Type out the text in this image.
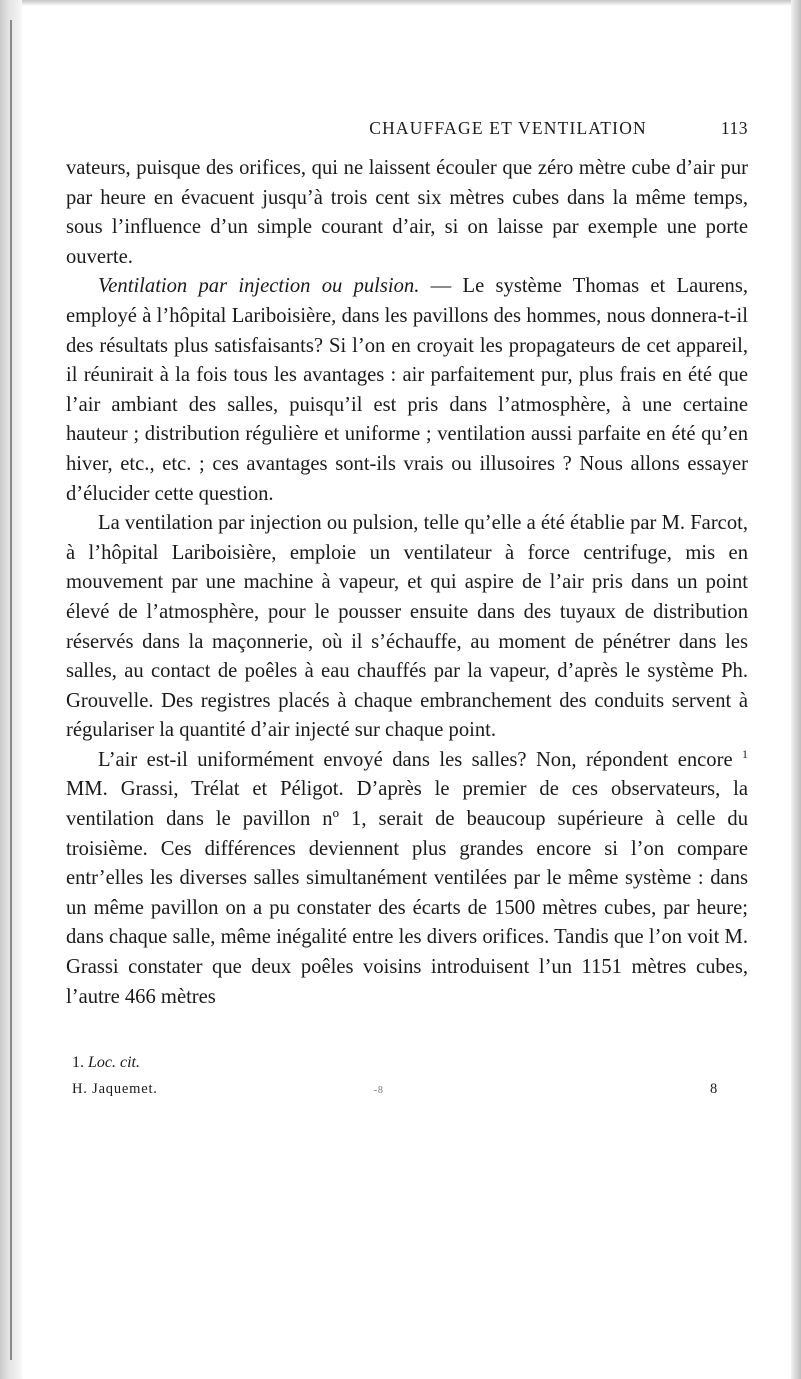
CHAUFFAGE ET VENTILATION	113

vateurs, puisque des orifices, qui ne laissent écouler que zéro mètre cube d’air pur par heure en évacuent jusqu’à trois cent six mètres cubes dans la même temps, sous l’influence d’un simple courant d’air, si on laisse par exemple une porte ouverte.

Ventilation par injection ou pulsion. — Le système Thomas et Laurens, employé à l’hôpital Lariboisière, dans les pavillons des hommes, nous donnera-t-il des résultats plus satisfaisants? Si l’on en croyait les propagateurs de cet appareil, il réunirait à la fois tous les avantages : air parfaitement pur, plus frais en été que l’air ambiant des salles, puisqu’il est pris dans l’atmosphère, à une certaine hauteur ; distribution régulière et uniforme ; ventilation aussi parfaite en été qu’en hiver, etc., etc. ; ces avantages sont-ils vrais ou illusoires ? Nous allons essayer d’élucider cette question.

La ventilation par injection ou pulsion, telle qu’elle a été établie par M. Farcot, à l’hôpital Lariboisière, emploie un ventilateur à force centrifuge, mis en mouvement par une machine à vapeur, et qui aspire de l’air pris dans un point élevé de l’atmosphère, pour le pousser ensuite dans des tuyaux de distribution réservés dans la maçonnerie, où il s’échauffe, au moment de pénétrer dans les salles, au contact de poêles à eau chauffés par la vapeur, d’après le système Ph. Grouvelle. Des registres placés à chaque embranchement des conduits servent à régulariser la quantité d’air injecté sur chaque point.

L’air est-il uniformément envoyé dans les salles? Non, répondent encore $^1$ MM. Grassi, Trélat et Péligot. D’après le premier de ces observateurs, la ventilation dans le pavillon nº 1, serait de beaucoup supérieure à celle du troisième. Ces différences deviennent plus grandes encore si l’on compare entr’elles les diverses salles simultanément ventilées par le même système : dans un même pavillon on a pu constater des écarts de 1500 mètres cubes, par heure; dans chaque salle, même inégalité entre les divers orifices. Tandis que l’on voit M. Grassi constater que deux poêles voisins introduisent l’un 1151 mètres cubes, l’autre 466 mètres

1. Loc. cit.
H. Jaquemet.	-8	8
